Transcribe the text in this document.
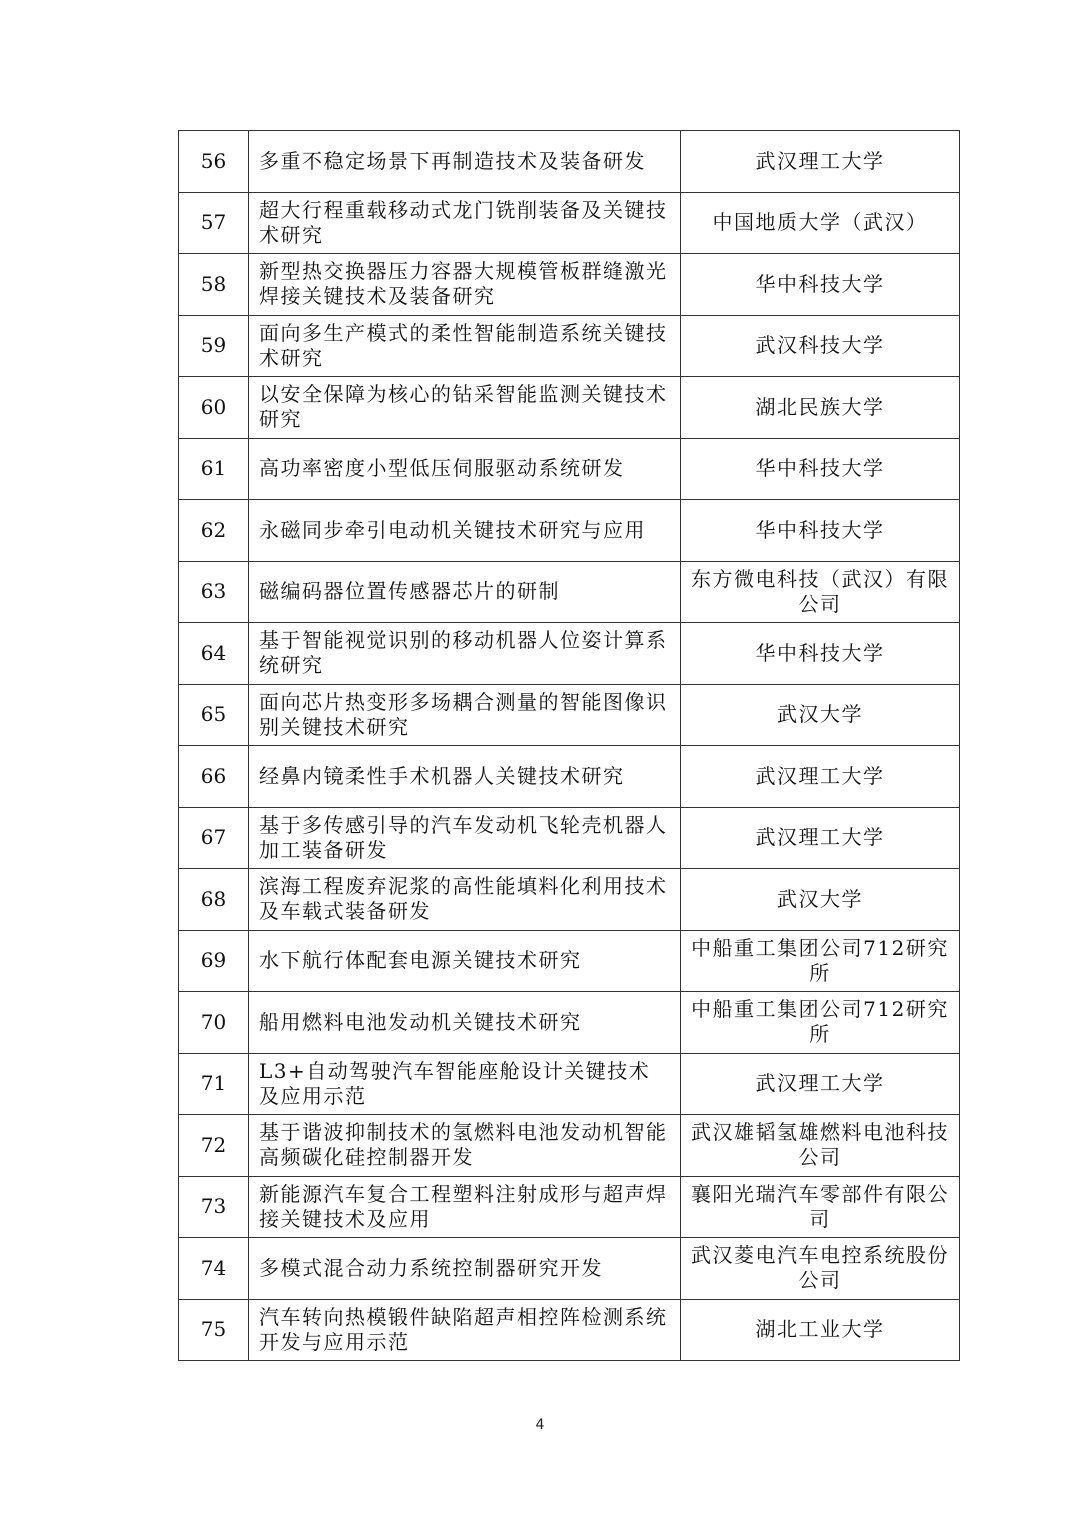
56	多重不稳定场景下再制造技术及装备研发	武汉理工大学
57	超大行程重载移动式龙门铣削装备及关键技术研究	中国地质大学（武汉）
58	新型热交换器压力容器大规模管板群缝激光焊接关键技术及装备研究	华中科技大学
59	面向多生产模式的柔性智能制造系统关键技术研究	武汉科技大学
60	以安全保障为核心的钻采智能监测关键技术研究	湖北民族大学
61	高功率密度小型低压伺服驱动系统研发	华中科技大学
62	永磁同步牵引电动机关键技术研究与应用	华中科技大学
63	磁编码器位置传感器芯片的研制	东方微电科技（武汉）有限公司
64	基于智能视觉识别的移动机器人位姿计算系统研究	华中科技大学
65	面向芯片热变形多场耦合测量的智能图像识别关键技术研究	武汉大学
66	经鼻内镜柔性手术机器人关键技术研究	武汉理工大学
67	基于多传感引导的汽车发动机飞轮壳机器人加工装备研发	武汉理工大学
68	滨海工程废弃泥浆的高性能填料化利用技术及车载式装备研发	武汉大学
69	水下航行体配套电源关键技术研究	中船重工集团公司712研究所
70	船用燃料电池发动机关键技术研究	中船重工集团公司712研究所
71	L3+自动驾驶汽车智能座舱设计关键技术及应用示范	武汉理工大学
72	基于谐波抑制技术的氢燃料电池发动机智能高频碳化硅控制器开发	武汉雄韬氢雄燃料电池科技公司
73	新能源汽车复合工程塑料注射成形与超声焊接关键技术及应用	襄阳光瑞汽车零部件有限公司
74	多模式混合动力系统控制器研究开发	武汉菱电汽车电控系统股份公司
75	汽车转向热模锻件缺陷超声相控阵检测系统开发与应用示范	湖北工业大学
4
